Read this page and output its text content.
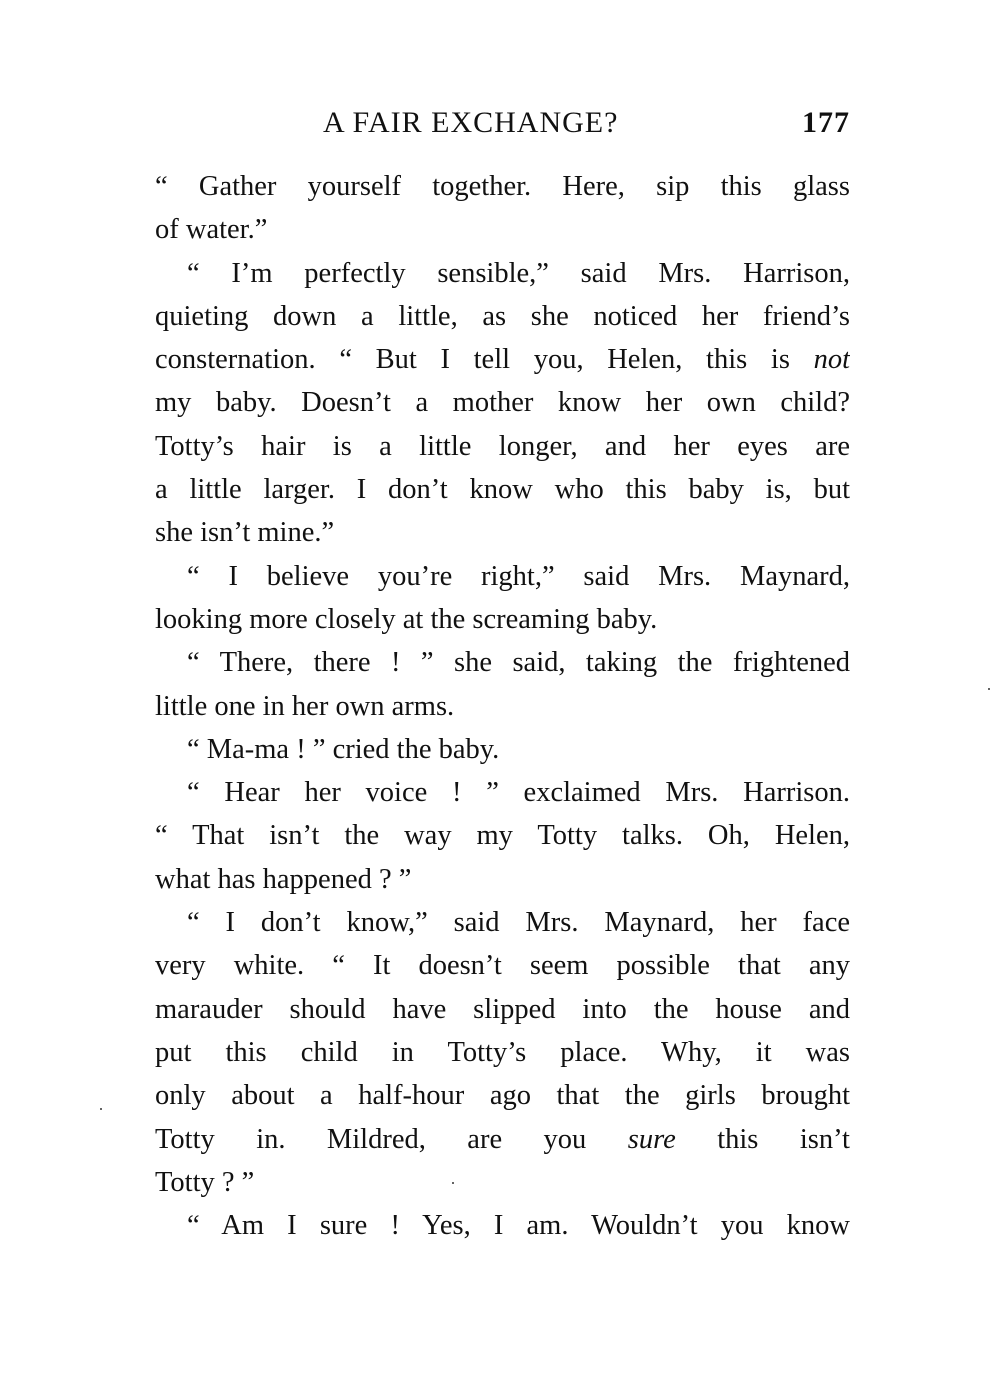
A FAIR EXCHANGE?	177
“ Gather yourself together. Here, sip this glass
of water.”
“ I’m perfectly sensible,” said Mrs. Harrison,
quieting down a little, as she noticed her friend’s
consternation. “ But I tell you, Helen, this is not
my baby. Doesn’t a mother know her own child?
Totty’s hair is a little longer, and her eyes are
a little larger. I don’t know who this baby is, but
she isn’t mine.”
“ I believe you’re right,” said Mrs. Maynard,
looking more closely at the screaming baby.
“ There, there ! ” she said, taking the frightened
little one in her own arms.
“ Ma-ma ! ” cried the baby.
“ Hear her voice ! ” exclaimed Mrs. Harrison.
“ That isn’t the way my Totty talks. Oh, Helen,
what has happened ? ”
“ I don’t know,” said Mrs. Maynard, her face
very white. “ It doesn’t seem possible that any
marauder should have slipped into the house and
put this child in Totty’s place. Why, it was
only about a half-hour ago that the girls brought
Totty in. Mildred, are you sure this isn’t
Totty ? ”
“ Am I sure ! Yes, I am. Wouldn’t you know
